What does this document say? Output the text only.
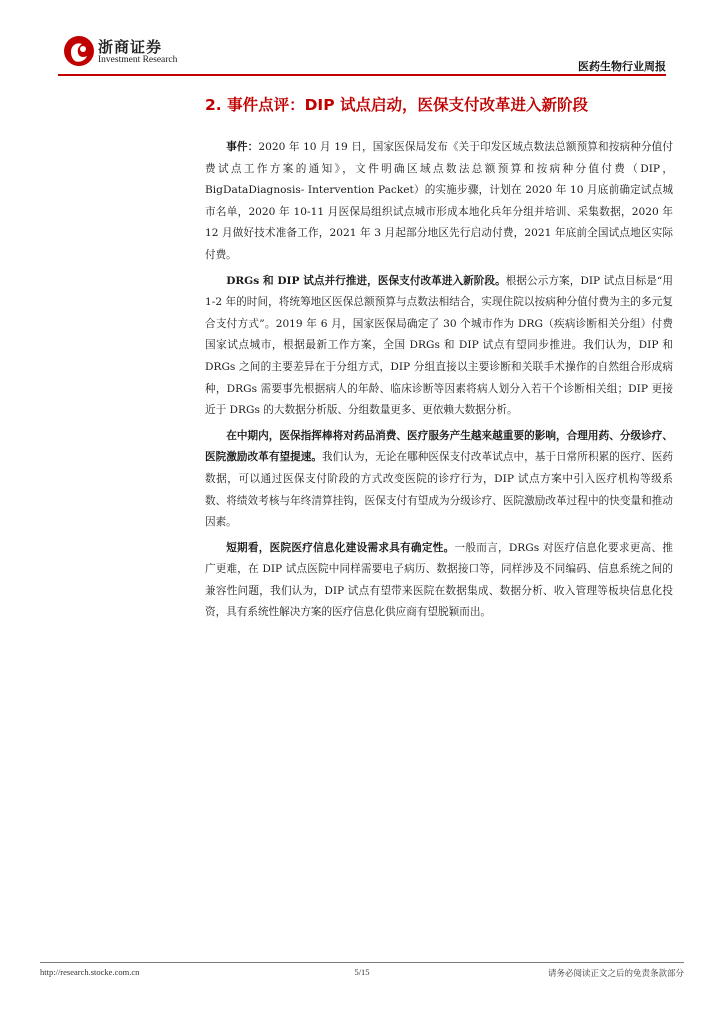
浙商证券
Investment Research	医药生物行业周报
2. 事件点评：DIP 试点启动，医保支付改革进入新阶段

事件：2020 年 10 月 19 日，国家医保局发布《关于印发区域点数法总额预算和按病种分值付费试点工作方案的通知》，文件明确区域点数法总额预算和按病种分值付费（DIP，BigDataDiagnosis- Intervention Packet）的实施步骤，计划在 2020 年 10 月底前确定试点城市名单，2020 年 10-11 月医保局组织试点城市形成本地化兵年分组并培训、采集数据，2020 年 12 月做好技术准备工作，2021 年 3 月起部分地区先行启动付费，2021 年底前全国试点地区实际付费。

DRGs 和 DIP 试点并行推进，医保支付改革进入新阶段。根据公示方案，DIP 试点目标是“用 1-2 年的时间，将统筹地区医保总额预算与点数法相结合，实现住院以按病种分值付费为主的多元复合支付方式”。2019 年 6 月，国家医保局确定了 30 个城市作为 DRG（疾病诊断相关分组）付费国家试点城市，根据最新工作方案，全国 DRGs 和 DIP 试点有望同步推进。我们认为，DIP 和 DRGs 之间的主要差异在于分组方式，DIP 分组直接以主要诊断和关联手术操作的自然组合形成病种，DRGs 需要事先根据病人的年龄、临床诊断等因素将病人划分入若干个诊断相关组；DIP 更接近于 DRGs 的大数据分析版、分组数量更多、更依赖大数据分析。

在中期内，医保指挥棒将对药品消费、医疗服务产生越来越重要的影响，合理用药、分级诊疗、医院激励改革有望提速。我们认为，无论在哪种医保支付改革试点中，基于日常所积累的医疗、医药数据，可以通过医保支付阶段的方式改变医院的诊疗行为，DIP 试点方案中引入医疗机构等级系数、将绩效考核与年终清算挂钩，医保支付有望成为分级诊疗、医院激励改革过程中的快变量和推动因素。

短期看，医院医疗信息化建设需求具有确定性。一般而言，DRGs 对医疗信息化要求更高、推广更难，在 DIP 试点医院中同样需要电子病历、数据接口等，同样涉及不同编码、信息系统之间的兼容性问题，我们认为，DIP 试点有望带来医院在数据集成、数据分析、收入管理等板块信息化投资，具有系统性解决方案的医疗信息化供应商有望脱颖而出。

http://research.stocke.com.cn	5/15	请务必阅读正文之后的免责条款部分
